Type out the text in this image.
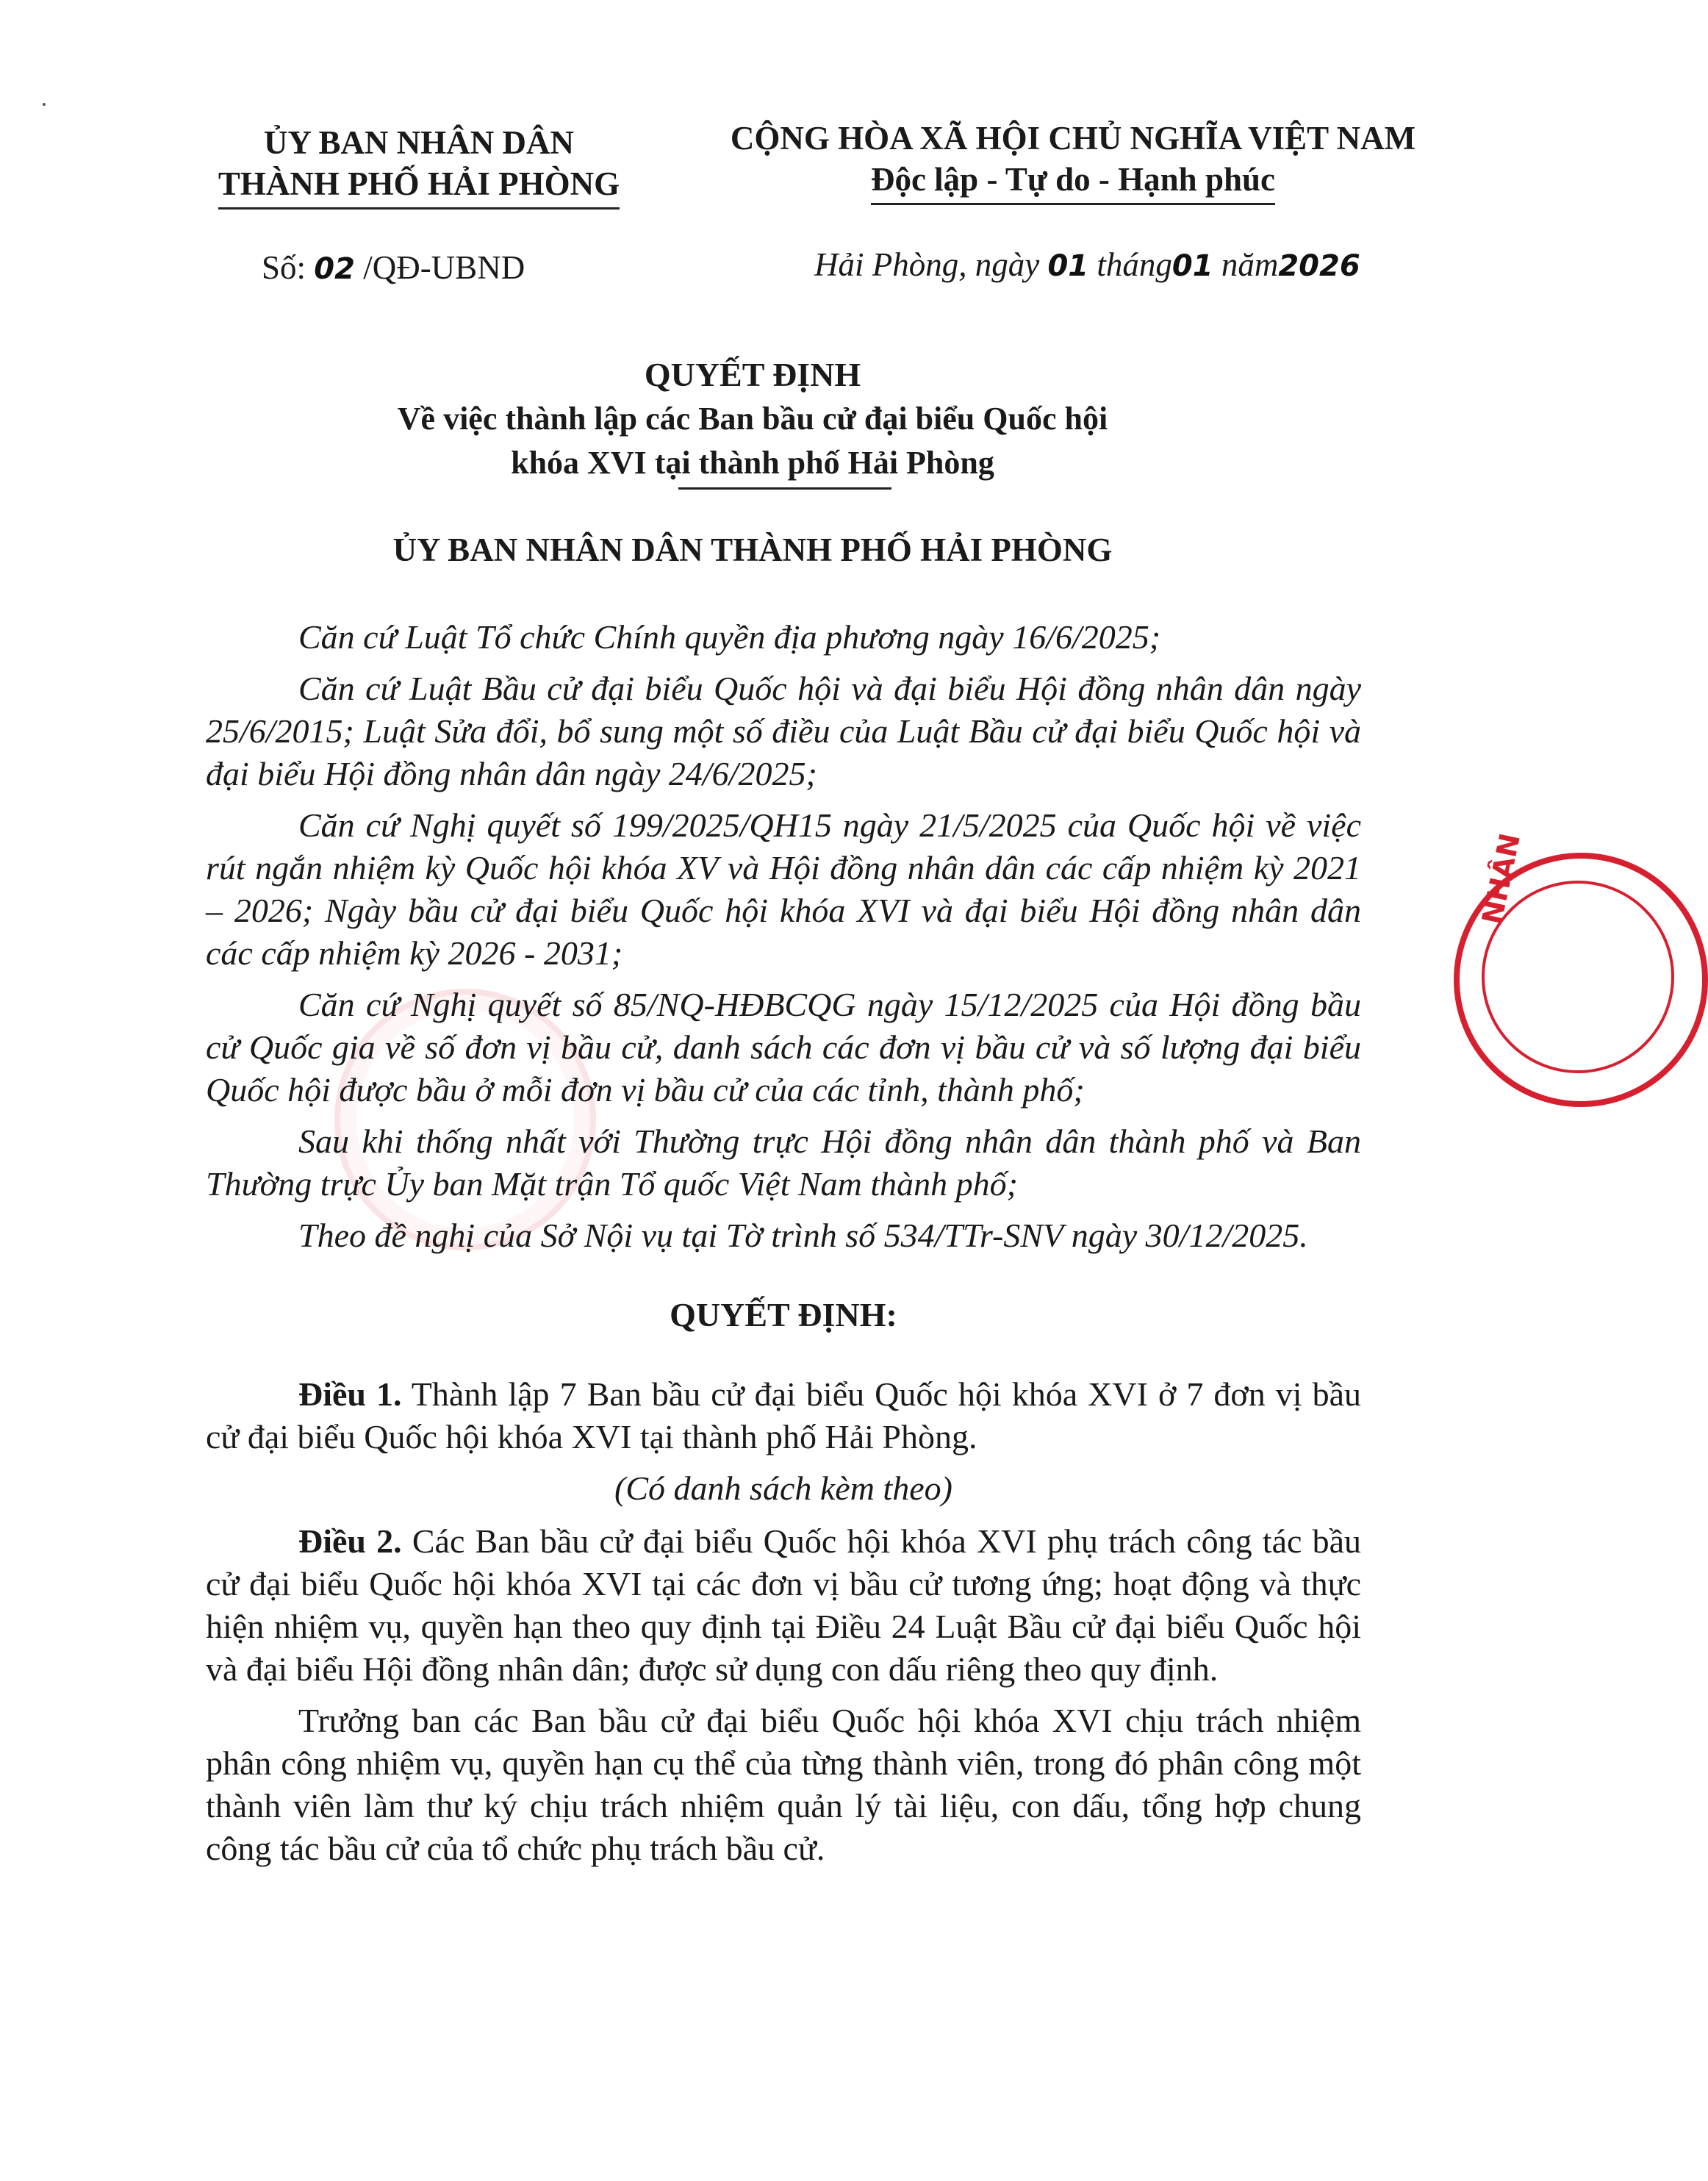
ỦY BAN NHÂN DÂN
THÀNH PHỐ HẢI PHÒNG
CỘNG HÒA XÃ HỘI CHỦ NGHĨA VIỆT NAM
Độc lập - Tự do - Hạnh phúc
Số: 02 /QĐ-UBND	Hải Phòng, ngày 01 tháng01 năm2026
QUYẾT ĐỊNH
Về việc thành lập các Ban bầu cử đại biểu Quốc hội
khóa XVI tại thành phố Hải Phòng
ỦY BAN NHÂN DÂN THÀNH PHỐ HẢI PHÒNG

Căn cứ Luật Tổ chức Chính quyền địa phương ngày 16/6/2025;

Căn cứ Luật Bầu cử đại biểu Quốc hội và đại biểu Hội đồng nhân dân ngày 25/6/2015; Luật Sửa đổi, bổ sung một số điều của Luật Bầu cử đại biểu Quốc hội và đại biểu Hội đồng nhân dân ngày 24/6/2025;

Căn cứ Nghị quyết số 199/2025/QH15 ngày 21/5/2025 của Quốc hội về việc rút ngắn nhiệm kỳ Quốc hội khóa XV và Hội đồng nhân dân các cấp nhiệm kỳ 2021 – 2026; Ngày bầu cử đại biểu Quốc hội khóa XVI và đại biểu Hội đồng nhân dân các cấp nhiệm kỳ 2026 - 2031;

Căn cứ Nghị quyết số 85/NQ-HĐBCQG ngày 15/12/2025 của Hội đồng bầu cử Quốc gia về số đơn vị bầu cử, danh sách các đơn vị bầu cử và số lượng đại biểu Quốc hội được bầu ở mỗi đơn vị bầu cử của các tỉnh, thành phố;

Sau khi thống nhất với Thường trực Hội đồng nhân dân thành phố và Ban Thường trực Ủy ban Mặt trận Tổ quốc Việt Nam thành phố;

Theo đề nghị của Sở Nội vụ tại Tờ trình số 534/TTr-SNV ngày 30/12/2025.

QUYẾT ĐỊNH:

Điều 1. Thành lập 7 Ban bầu cử đại biểu Quốc hội khóa XVI ở 7 đơn vị bầu cử đại biểu Quốc hội khóa XVI tại thành phố Hải Phòng.

(Có danh sách kèm theo)

Điều 2. Các Ban bầu cử đại biểu Quốc hội khóa XVI phụ trách công tác bầu cử đại biểu Quốc hội khóa XVI tại các đơn vị bầu cử tương ứng; hoạt động và thực hiện nhiệm vụ, quyền hạn theo quy định tại Điều 24 Luật Bầu cử đại biểu Quốc hội và đại biểu Hội đồng nhân dân; được sử dụng con dấu riêng theo quy định.

Trưởng ban các Ban bầu cử đại biểu Quốc hội khóa XVI chịu trách nhiệm phân công nhiệm vụ, quyền hạn cụ thể của từng thành viên, trong đó phân công một thành viên làm thư ký chịu trách nhiệm quản lý tài liệu, con dấu, tổng hợp chung công tác bầu cử của tổ chức phụ trách bầu cử.

NHÂN
